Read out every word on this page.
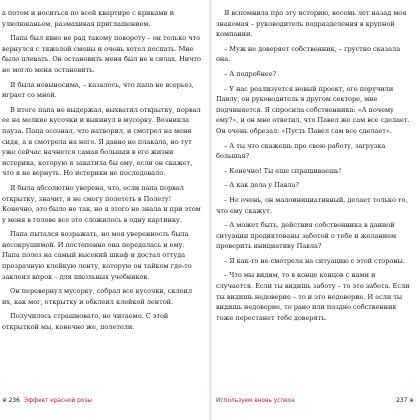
а потом и носиться по всей квартире с криками и улюлюканьем, размахивая приглашением.

Папа был явно не рад такому повороту – он только что вернулся с тяжелой смены и очень хотел поспать. Мне было плевать. Он остановить меня был не в силах. Ничто не могло меня остановить.

Я была невыносима, – казалось, что папа не всерьез, играет со мной.

В итоге папа не выдержал, выхватил открытку, порвал ее на мелкие кусочки и выкинул в мусорку. Возникла пауза. Папа осознал, что натворил, и смотрел на меня сидя, а я смотрела на него. Я давно не плакала, но тут уже сейчас начнется самая большая в его жизни истерика, которую я закатила бы ему, если он скажет, что я не вернуть. Но истерики не последовало.

Я была абсолютно уверена, что, если папа порвал открытку, значит, я не смогу полететь в Полету! Конечно, это было не так, но я этого не знала и при этом у меня в голове все это сложилось в одну картинку.

Папа пытался возражать, но моя уверенность была несокрушимой. И постепенно она передалась и ему. Папа полез на самый высокий шкаф и достал оттуда прозрачную клейкую ленту, которую он тайком где-то заклеил впрок – для школьных учебников.

Он перевернул мусорку, собрал все кусочки, склеил их, как мог, открытку и обклеил клейкой лентой.

Получилось страшновато, но читаемо. С этой открыткой мы, конечно же, полетели.

❦ 236 Эффект красной розы

Я вспомнила про эту историю, восемь лет назад моя знакомая – руководитель подразделения в крупной компании.

– Муж не доверяет собственник, – грустно сказала она.

– А подробнее?

– У нас реализуется новый проект, его поручили Павлу, он руководитель в другом секторе, мне подчиняется. Я спросила собственника: «А почему ему?», и он мне ответил, что Павел же сам все сделает. Он очень обрезал: «Пусть Павел сам все сделает».

– А ты что скажешь про свою работу, загрузка большая?

– Конечно! Ты еще спрашиваешь!

– А как дела у Павла?

– Не очень, он малоинициативный, делает только то, что ему скажут.

– А может быть, действия собственника в данной ситуации продиктованы заботой о тебе и желанием проверить инициативу Павла?

– Я как-то не смотрела на ситуацию с этой стороны.

– Что мы видим, то в конце концов с нами и случается. Если ты видишь заботу – то это забота. Если ты видишь недоверие – то и это недоверие. И если ты видишь недоверие, то рано или поздно собственник тоже перестанет тебе доверять.

Используем вновь успеха	237 ❦
